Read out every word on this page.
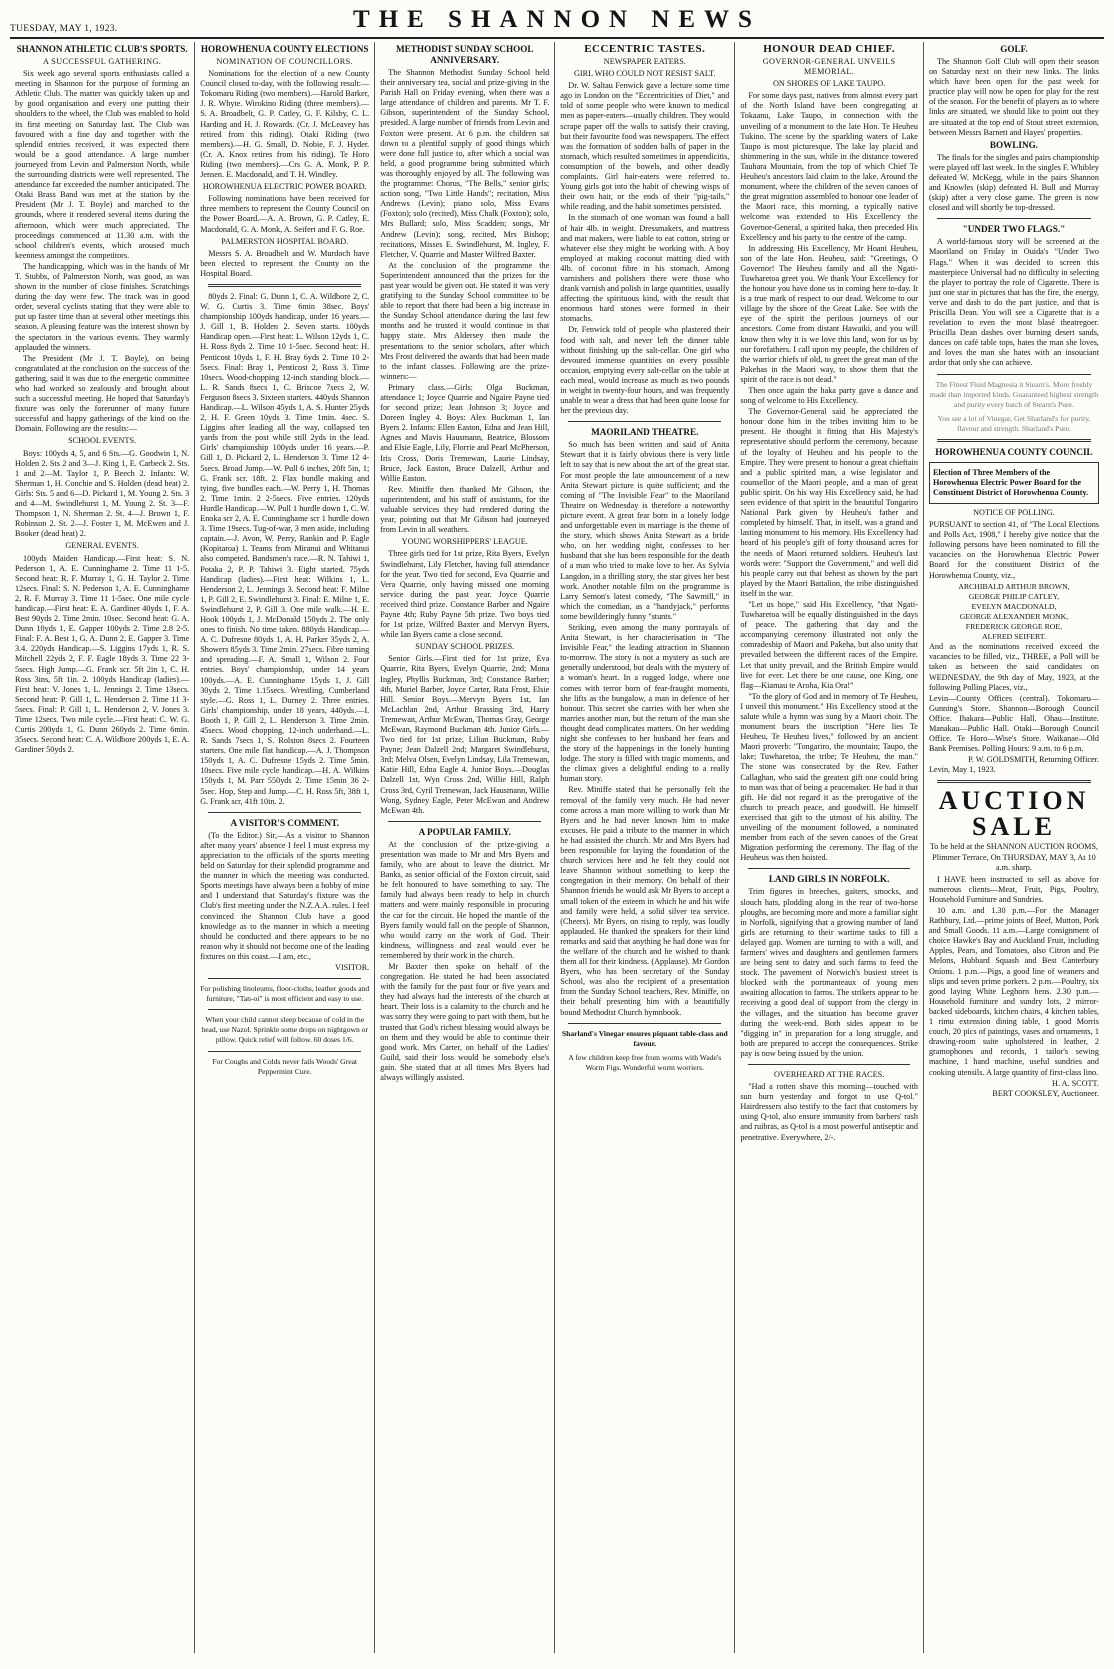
TUESDAY, MAY 1, 1923.	THE SHANNON NEWS
SHANNON ATHLETIC CLUB'S SPORTS.
A SUCCESSFUL GATHERING.

Six week ago several sports enthusiasts called a meeting in Shannon for the purpose of forming an Athletic Club. The matter was quickly taken up and by good organisation and every one putting their shoulders to the wheel, the Club was enabled to hold its first meeting on Saturday last. The Club was favoured with a fine day and together with the splendid entries received, it was expected there would be a good attendance. A large number journeyed from Levin and Palmerston North, while the surrounding districts were well represented. The attendance far exceeded the number anticipated. The Otaki Brass Band was met at the station by the President (Mr J. T. Boyle) and marched to the grounds, where it rendered several items during the afternoon, which were much appreciated. The proceedings commenced at 11.30 a.m. with the school children's events, which aroused much keenness amongst the competitors.

The handicapping, which was in the hands of Mr T. Stubbs, of Palmerston North, was good, as was shown in the number of close finishes. Scratchings during the day were few. The track was in good order, several cyclists stating that they were able to put up faster time than at several other meetings this season. A pleasing feature was the interest shown by the spectators in the various events. They warmly applauded the winners.

The President (Mr J. T. Boyle), on being congratulated at the conclusion on the success of the gathering, said it was due to the energetic committee who had worked so zealously and brought about such a successful meeting. He hoped that Saturday's fixture was only the forerunner of many future successful and happy gatherings of the kind on the Domain. Following are the results:—

SCHOOL EVENTS.

Boys: 100yds 4, 5, and 6 Sts.—G. Goodwin 1, N. Holden 2. Sts 2 and 3—J. King 1, E. Carbeck 2. Sts. 1 and 2—M. Taylor 1, P. Beech 2. Infants: W. Sherman 1, H. Conchie and S. Holden (dead heat) 2. Girls: Sts. 5 and 6—D. Pickard 1, M. Young 2. Sts. 3 and 4—M. Swindlehurst 1, M. Young 2. St. 3—F. Thompson 1, N. Sherman 2. St. 4—J. Brown 1, F. Robinson 2. St. 2—J. Foster 1, M. McEwen and J. Booker (dead heat) 2.

GENERAL EVENTS.

100yds Maiden Handicap.—First heat: S. N. Pederson 1, A. E. Cunninghame 2. Time 11 1-5. Second heat: R. F. Murray 1, G. H. Taylor 2. Time 12secs. Final: S. N. Pederson 1, A. E. Cunninghame 2, R. F. Murray 3. Time 11 1-5sec. One mile cycle handicap.—First heat: E. A. Gardiner 40yds 1, F. A. Best 90yds 2. Time 2min. 10sec. Second heat: G. A. Dunn 10yds 1, E. Gapper 100yds 2. Time 2.8 2-5. Final: F. A. Best 1, G. A. Dunn 2, E. Gapper 3. Time 3.4. 220yds Handicap.—S. Liggins 17yds 1, R. S. Mitchell 22yds 2, F. F. Eagle 18yds 3. Time 22 3-5secs. High Jump.—G. Frank scr. 5ft 2in 1, C. H. Ross 3ins, 5ft 1in. 2. 100yds Handicap (ladies).—First heat: V. Jones 1, L. Jennings 2. Time 13secs. Second heat: P. Gill 1, L. Henderson 2. Time 11 3-5secs. Final: P. Gill 1, L. Henderson 2, V. Jones 3. Time 12secs. Two mile cycle.—First heat: C. W. G. Curtis 200yds 1, G. Dunn 260yds 2. Time 6min. 35secs. Second heat: C. A. Wildbore 200yds 1, E. A. Gardiner 50yds 2.

HOROWHENUA COUNTY ELECTIONS
NOMINATION OF COUNCILLORS.

Nominations for the election of a new County Council closed to-day, with the following result:— Tokomaru Riding (two members).—Harold Barker, J. R. Whyte. Wirokino Riding (three members).—S. A. Broadbelt, G. P. Catley, G. F. Kilsby, C. L. Harding and H. J. Rowards. (Cr. J. McLeavey has retired from this riding). Otaki Riding (two members).—H. G. Small, D. Nobie, F. J. Hyder. (Cr. A. Knox retires from his riding). Te Horo Riding (two members).—Crs G. A. Monk, P. P. Jensen. E. Macdonald, and T. H. Windley.

HOROWHENUA ELECTRIC POWER BOARD.

Following nominations have been received for three members to represent the County Council on the Power Board.—A. A. Brown, G. P. Catley, E. Macdonald, G. A. Monk, A. Seifert and F. G. Roe.

PALMERSTON HOSPITAL BOARD.

Messrs S. A. Broadbelt and W. Murdoch have been elected to represent the County on the Hospital Board.

80yds 2. Final: G. Dunn 1, C. A. Wildbore 2, C. W. G. Curtis 3. Time 6min 38sec. Boys' championship 100yds handicap, under 16 years.—J. Gill 1, B. Holden 2. Seven starts. 100yds Handicap open.—First heat: L. Wilson 12yds 1, C. H. Ross 8yds 2. Time 10 1-5sec. Second heat: H. Penticost 10yds 1, F. H. Bray 6yds 2. Time 10 2-5secs. Final: Bray 1, Penticost 2, Ross 3. Time 10secs. Wood-chopping 12-inch standing block.—L. R. Sands 8secs 1, C. Briscoe 7secs 2, W. Ferguson 8secs 3. Sixteen starters. 440yds Shannon Handicap.—L. Wilson 45yds 1, A. S. Hunter 25yds 2, H. F. Green 10yds 3. Time 1min. 4sec. S. Liggins after leading all the way, collapsed ten yards from the post while still 2yds in the lead. Girls' championship 100yds under 16 years.—P. Gill 1, D. Pickard 2, L. Henderson 3. Time 12 4-5secs. Broad Jump.—W. Pull 6 inches, 20ft 5in, 1; G. Frank scr. 18ft. 2. Flax bundle making and tying, five bundles each.—W. Perry 1, H. Thomas 2. Time 1min. 2 2-5secs. Five entries. 120yds Hurdle Handicap.—W. Pull 1 hurdle down 1, C. W. Enoka scr 2, A. E. Cunninghame scr 1 hurdle down 3. Time 19secs. Tug-of-war, 3 men aside, including captain.—J. Avon, W. Perry, Rankin and P. Eagle (Kopitaroa) 1. Teams from Miranui and Whitanui also competed. Bandsmen's race.—R. N. Tahiwi 1, Potaka 2, P. P. Tahiwi 3. Eight started. 75yds Handicap (ladies).—First heat: Wilkins 1, L. Henderson 2, L. Jennings 3. Second heat: F. Milne 1, P. Gill 2, E. Swindlehurst 3. Final: E. Milne 1, E. Swindlehurst 2, P. Gill 3. One mile walk.—H. E. Hook 100yds 1, J. McDonald 150yds 2. The only ones to finish. No time taken. 880yds Handicap.—A. C. Dufresne 80yds 1, A. H. Parker 35yds 2, A. Showers 85yds 3. Time 2min. 27secs. Fibre turning and spreading.—F. A. Small 1, Wilson 2. Four entries. Boys' championship, under 14 years 100yds.—A. E. Cunninghame 15yds 1, J. Gill 30yds 2. Time 1.15secs. Wrestling, Cumberland style.—G. Ross 1, L. Durney 2. Three entries. Girls' championship, under 18 years, 440yds.—I. Booth 1, P. Gill 2, L. Henderson 3. Time 2min. 45secs. Wood chopping, 12-inch underhand.—L. R. Sands 7secs 1, S. Rolston 8secs 2. Fourteen starters. One mile flat handicap.—A. J. Thompson 150yds 1, A. C. Dufresne 15yds 2. Time 5min. 10secs. Five mile cycle handicap.—H. A. Wilkins 150yds 1, M. Parr 550yds 2. Time 15min 36 2-5sec. Hop, Step and Jump.—C. H. Ross 5ft, 38ft 1, G. Frank scr, 41ft 10in. 2.

A VISITOR'S COMMENT.

(To the Editor.) Sir,—As a visitor to Shannon after many years' absence I feel I must express my appreciation to the officials of the sports meeting held on Saturday for their splendid programme and the manner in which the meeting was conducted. Sports meetings have always been a hobby of mine and I understand that Saturday's fixture was the Club's first meeting under the N.Z.A.A. rules. I feel convinced the Shannon Club have a good knowledge as to the manner in which a meeting should be conducted and there appears to be no reason why it should not become one of the leading fixtures on this coast.—I am, etc.,

VISITOR.
For polishing linoleums, floor-cloths, leather goods and furniture, "Tan-oi" is most efficient and easy to use.
When your child cannot sleep because of cold in the head, use Nazol. Sprinkle some drops on nightgown or pillow. Quick relief will follow. 60 doses 1/6.
For Coughs and Colds never fails Woods' Great Peppermint Cure.
METHODIST SUNDAY SCHOOL ANNIVERSARY.

The Shannon Methodist Sunday School held their anniversary tea, social and prize-giving in the Parish Hall on Friday evening, when there was a large attendance of children and parents. Mr T. F. Gibson, superintendent of the Sunday School, presided. A large number of friends from Levin and Foxton were present. At 6 p.m. the children sat down to a plentiful supply of good things which were done full justice to, after which a social was held, a good programme being submitted which was thoroughly enjoyed by all. The following was the programme: Chorus, "The Bells," senior girls; action song, "Two Little Hands"; recitation, Miss Andrews (Levin); piano solo, Miss Evans (Foxton); solo (recited), Miss Chalk (Foxton); solo, Mrs Bullard; solo, Miss Scadden; songs, Mr Andrew (Levin); song, recited, Mrs Bishop; recitations, Misses E. Swindlehurst, M. Ingley, F. Fletcher, V. Quarrie and Master Wilfred Baxter.

At the conclusion of the programme the Superintendent announced that the prizes for the past year would be given out. He stated it was very gratifying to the Sunday School committee to be able to report that there had been a big increase in the Sunday School attendance during the last few months and he trusted it would continue in that happy state. Mrs Aldersey then made the presentations to the senior scholars, after which Mrs Frost delivered the awards that had been made to the infant classes. Following are the prize-winners:—

Primary class.—Girls: Olga Buckman, attendance 1; Joyce Quarrie and Ngaire Payne tied for second prize; Jean Johnson 3; Joyce and Doreen Ingley 4. Boys: Alex Buckman 1, Ian Byers 2. Infants: Ellen Easton, Edna and Jean Hill, Agnes and Mavis Hausmann, Beatrice, Blossom and Elsie Eagle, Lily, Florrie and Pearl McPherson, Iris Cross, Doris Tremewan, Laurie Lindsay, Bruce, Jack Easton, Bruce Dalzell, Arthur and Willie Easton.

Rev. Miniffe then thanked Mr Gibson, the superintendent, and his staff of assistants, for the valuable services they had rendered during the year, pointing out that Mr Gibson had journeyed from Levin in all weathers.

YOUNG WORSHIPPERS' LEAGUE.

Three girls tied for 1st prize, Rita Byers, Evelyn Swindlehurst, Lily Fletcher, having full attendance for the year. Two tied for second, Eva Quarrie and Vera Quarrie, only having missed one morning service during the past year. Joyce Quarrie received third prize. Constance Barber and Ngaire Payne 4th; Ruby Payne 5th prize. Two boys tied for 1st prize, Wilfred Baxter and Mervyn Byers, while Ian Byers came a close second.

SUNDAY SCHOOL PRIZES.

Senior Girls.—First tied for 1st prize, Eva Quarrie, Rita Byers, Evelyn Quarrie, 2nd; Mona Ingley, Phyllis Buckman, 3rd; Constance Barber; 4th, Muriel Barber, Joyce Carter, Rata Frost, Elsie Hill. Senior Boys.—Mervyn Byers 1st, Ian McLachlan 2nd, Arthur Brassing 3rd, Harry Tremewan, Arthur McEwan, Thomas Gray, George McEwan, Raymond Buckman 4th. Junior Girls.—Two tied for 1st prize, Lilian Buckman, Ruby Payne; Jean Dalzell 2nd; Margaret Swindlehurst, 3rd; Melva Olsen, Evelyn Lindsay, Lila Tremewan, Katie Hill, Edna Eagle 4. Junior Boys.—Douglas Dalzell 1st, Wyn Cross 2nd, Willie Hill, Ralph Cross 3rd, Cyril Tremewan, Jack Hausmann, Willie Wong, Sydney Eagle, Peter McEwan and Andrew McEwan 4th.

A POPULAR FAMILY.

At the conclusion of the prize-giving a presentation was made to Mr and Mrs Byers and family, who are about to leave the district. Mr Banks, as senior official of the Foxton circuit, said he felt honoured to have something to say. The family had always been ready to help in church matters and were mainly responsible in procuring the car for the circuit. He hoped the mantle of the Byers family would fall on the people of Shannon, who would carry on the work of God. Their kindness, willingness and zeal would ever be remembered by their work in the church.

Mr Baxter then spoke on behalf of the congregation. He stated he had been associated with the family for the past four or five years and they had always had the interests of the church at heart. Their loss is a calamity to the church and he was sorry they were going to part with them, but he trusted that God's richest blessing would always be on them and they would be able to continue their good work. Mrs Carter, on behalf of the Ladies' Guild, said their loss would be somebody else's gain. She stated that at all times Mrs Byers had always willingly assisted.

ECCENTRIC TASTES.
NEWSPAPER EATERS.
GIRL WHO COULD NOT RESIST SALT.

Dr. W. Saltau Fenwick gave a lecture some time ago in London on the "Eccentricities of Diet," and told of some people who were known to medical men as paper-eaters—usually children. They would scrape paper off the walls to satisfy their craving, but their favourite food was newspapers. The effect was the formation of sodden balls of paper in the stomach, which resulted sometimes in appendicitis, consumption of the bowels, and other deadly complaints. Girl hair-eaters were referred to. Young girls got into the habit of chewing wisps of their own hair, or the ends of their "pig-tails," while reading, and the habit sometimes persisted.

In the stomach of one woman was found a ball of hair 4lb. in weight. Dressmakers, and mattress and mat makers, were liable to eat cotton, string or whatever else they might be working with. A boy employed at making coconut matting died with 4lb. of coconut fibre in his stomach. Among varnishers and polishers there were those who drank varnish and polish in large quantities, usually affecting the spirituous kind, with the result that enormous hard stones were formed in their stomachs.

Dr. Fenwick told of people who plastered their food with salt, and never left the dinner table without finishing up the salt-cellar. One girl who devoured immense quantities on every possible occasion, emptying every salt-cellar on the table at each meal, would increase as much as two pounds in weight in twenty-four hours, and was frequently unable to wear a dress that had been quite loose for her the previous day.

MAORILAND THEATRE.

So much has been written and said of Anita Stewart that it is fairly obvious there is very little left to say that is new about the art of the great star. For most people the late announcement of a new Anita Stewart picture is quite sufficient; and the coming of "The Invisible Fear" to the Maoriland Theatre on Wednesday is therefore a noteworthy picture event. A great fear born in a lonely lodge and unforgettable even in marriage is the theme of the story, which shows Anita Stewart as a bride who, on her wedding night, confesses to her husband that she has been responsible for the death of a man who tried to make love to her. As Sylvia Langdon, in a thrilling story, the star gives her best work. Another notable film on the programme is Larry Semon's latest comedy, "The Sawmill," in which the comedian, as a "handyjack," performs some bewilderingly funny "stunts."

Striking, even among the many portrayals of Anita Stewart, is her characterisation in "The Invisible Fear," the leading attraction in Shannon to-morrow. The story is not a mystery as such are generally understood, but deals with the mystery of a woman's heart. In a rugged lodge, where one comes with terror born of fear-fraught moments, she lifts as the bungalow, a man in defence of her honour. This secret she carries with her when she marries another man, but the return of the man she thought dead complicates matters. On her wedding night she confesses to her husband her fears and the story of the happenings in the lonely hunting lodge. The story is filled with tragic moments, and the climax gives a delightful ending to a really human story.

Rev. Miniffe stated that he personally felt the removal of the family very much. He had never come across a man more willing to work than Mr Byers and he had never known him to make excuses. He paid a tribute to the manner in which he had assisted the church. Mr and Mrs Byers had been responsible for laying the foundation of the church services here and he felt they could not leave Shannon without something to keep the congregation in their memory. On behalf of their Shannon friends he would ask Mr Byers to accept a small token of the esteem in which he and his wife and family were held, a solid silver tea service. (Cheers). Mr Byers, on rising to reply, was loudly applauded. He thanked the speakers for their kind remarks and said that anything he had done was for the welfare of the church and he wished to thank them all for their kindness. (Applause). Mr Gordon Byers, who has been secretary of the Sunday School, was also the recipient of a presentation from the Sunday School teachers, Rev. Miniffe, on their behalf presenting him with a beautifully bound Methodist Church hymnbook.

Sharland's Vinegar ensures piquant table-class and favour.
A few children keep free from worms with Wade's Worm Figs. Wonderful worm worriers.
HONOUR DEAD CHIEF.
GOVERNOR-GENERAL UNVEILS MEMORIAL.
ON SHORES OF LAKE TAUPO.

For some days past, natives from almost every part of the North Island have been congregating at Tokaanu, Lake Taupo, in connection with the unveiling of a monument to the late Hon. Te Heuheu Tukino. The scene by the sparkling waters of Lake Taupo is most picturesque. The lake lay placid and shimmering in the sun, while in the distance towered Tauhara Mountain, from the top of which Chief Te Heuheu's ancestors laid claim to the lake. Around the monument, where the children of the seven canoes of the great migration assembled to honour one leader of the Maori race, this morning, a typically native welcome was extended to His Excellency the Governor-General, a spirited haka, then preceded His Excellency and his party to the centre of the camp.

In addressing His Excellency, Mr Hoani Heuheu, son of the late Hon. Heuheu, said: "Greetings, O Governor! The Heuheu family and all the Ngati-Tuwharetoa greet you. We thank Your Excellency for the honour you have done us in coming here to-day. It is a true mark of respect to our dead. Welcome to our village by the shore of the Great Lake. See with the eye of the spirit the perilous journeys of our ancestors. Come from distant Hawaiki, and you will know then why it is we love this land, won for us by our forefathers. I call upon my people, the children of the warrior chiefs of old, to greet the great man of the Pakehas in the Maori way, to show them that the spirit of the race is not dead."

Then once again the haka party gave a dance and song of welcome to His Excellency.

The Governor-General said he appreciated the honour done him in the tribes inviting him to be present. He thought it fitting that His Majesty's representative should perform the ceremony, because of the loyalty of Heuheu and his people to the Empire. They were present to honour a great chieftain and a public spirited man, a wise legislator and counsellor of the Maori people, and a man of great public spirit. On his way His Excellency said, he had seen evidence of that spirit in the beautiful Tongariro National Park given by Heuheu's father and completed by himself. That, in itself, was a grand and lasting monument to his memory. His Excellency had heard of his people's gift of forty thousand acres for the needs of Maori returned soldiers. Heuheu's last words were: "Support the Government," and well did his people carry out that behest as shown by the part played by the Maori Battalion, the tribe distinguished itself in the war.

"Let us hope," said His Excellency, "that Ngati-Tuwharetoa will be equally distinguished in the days of peace. The gathering that day and the accompanying ceremony illustrated not only the comradeship of Maori and Pakeha, but also unity that prevailed between the different races of the Empire. Let that unity prevail, and the British Empire would live for ever. Let there be one cause, one King, one flag—Kiamau te Aroha, Kia Ora!"

"To the glory of God and in memory of Te Heuheu, I unveil this monument." His Excellency stood at the salute while a hymn was sung by a Maori choir. The monument bears the inscription "Here lies Te Heuheu, Te Heuheu lives," followed by an ancient Maori proverb: "Tongariro, the mountain; Taupo, the lake; Tuwharetoa, the tribe; Te Heuheu, the man." The stone was consecrated by the Rev. Father Callaghan, who said the greatest gift one could bring to man was that of being a peacemaker. He had it that gift. He did not regard it as the prerogative of the church to preach peace, and goodwill. He himself exercised that gift to the utmost of his ability. The unveiling of the monument followed, a nominated member from each of the seven canoes of the Great Migration performing the ceremony. The flag of the Heuheus was then hoisted.

LAND GIRLS IN NORFOLK.

Trim figures in breeches, gaiters, smocks, and slouch hats, plodding along in the rear of two-horse ploughs, are becoming more and more a familiar sight in Norfolk, signifying that a growing number of land girls are returning to their wartime tasks to fill a delayed gap. Women are turning to with a will, and farmers' wives and daughters and gentlemen farmers are being sent to dairy and such farms to feed the stock. The pavement of Norwich's busiest street is blocked with the portmanteaux of young men awaiting allocation to farms. The strikers appear to be receiving a good deal of support from the clergy in the villages, and the situation has become graver during the week-end. Both sides appear to be "digging in" in preparation for a long struggle, and both are prepared to accept the consequences. Strike pay is now being issued by the union.

OVERHEARD AT THE RACES.

"Had a rotten shave this morning—touched with sun burn yesterday and forgot to use Q-tol." Hairdressers also testify to the fact that customers by using Q-tol, also ensure immunity from barbers' rash and ruibras, as Q-tol is a most powerful antiseptic and penetrative. Everywhere, 2/-.

GOLF.

The Shannon Golf Club will open their season on Saturday next on their new links. The links which have been open for the past week for practice play will now be open for play for the rest of the season. For the benefit of players as to where links are situated, we should like to point out they are situated at the top end of Stout street extension, between Messrs Barnett and Hayes' properties.

BOWLING.

The finals for the singles and pairs championship were played off last week. In the singles F. Whibley defeated W. McKegg, while in the pairs Shannon and Knowles (skip) defeated H. Bull and Murray (skip) after a very close game. The green is now closed and will shortly be top-dressed.

"UNDER TWO FLAGS."

A world-famous story will be screened at the Maoriland on Friday in Ouida's "Under Two Flags." When it was decided to screen this masterpiece Universal had no difficulty in selecting the player to portray the role of Cigarette. There is just one star in pictures that has the fire, the energy, verve and dash to do the part justice, and that is Priscilla Dean. You will see a Cigarette that is a revelation to even the most blasé theatregoer. Priscilla Dean dashes over burning desert sands, dances on café table tops, hates the man she loves, and loves the man she hates with an insouciant ardor that only she can achieve.

The Finest Fluid Magnesia it Stearn's. More freshly made than imported kinds. Guaranteed highest strength and purity every batch of Stearn's Pure.
You see a lot of Vinegar, Get Sharland's for purity, flavour and strength. Sharland's Pure.
HOROWHENUA COUNTY COUNCIL
Election of Three Members of the Horowhenua Electric Power Board for the Constituent District of Horowhenua County.
NOTICE OF POLLING.

PURSUANT to section 41, of "The Local Elections and Polls Act, 1908," I hereby give notice that the following persons have been nominated to fill the vacancies on the Horowhenua Electric Power Board for the constituent District of the Horowhenua County, viz.,

ARCHIBALD ARTHUR BROWN,
GEORGE PHILIP CATLEY,
EVELYN MACDONALD,
GEORGE ALEXANDER MONK,
FREDERICK GEORGE ROE,
ALFRED SEIFERT.

And as the nominations received exceed the vacancies to be filled, viz., THREE, a Poll will be taken as between the said candidates on WEDNESDAY, the 9th day of May, 1923, at the following Polling Places, viz.,

Levin—County Offices (central). Tokomaru—Gunning's Store. Shannon—Borough Council Office. Ihakara—Public Hall. Ohau—Institute. Manakau—Public Hall. Otaki—Borough Council Office. Te Horo—Wise's Store. Waikanae—Old Bank Premises. Polling Hours: 9 a.m. to 6 p.m.

P. W. GOLDSMITH, Returning Officer.
Levin, May 1, 1923.
AUCTION
SALE
To be held at the SHANNON AUCTION ROOMS, Plimmer Terrace, On THURSDAY, MAY 3, At 10 a.m. sharp.

I HAVE been instructed to sell as above for numerous clients—Meat, Fruit, Pigs, Poultry, Household Furniture and Sundries.

10 a.m. and 1.30 p.m.—For the Manager Rathbury, Ltd.—prime joints of Beef, Mutton, Pork and Small Goods. 11 a.m.—Large consignment of choice Hawke's Bay and Auckland Fruit, including Apples, Pears, and Tomatoes, also Citron and Pie Melons, Hubbard Squash and Best Canterbury Onions. 1 p.m.—Pigs, a good line of weaners and slips and seven prime porkers. 2 p.m.—Poultry, six good laying White Leghorn hens. 2.30 p.m.—Household furniture and sundry lots, 2 mirror-backed sideboards, kitchen chairs, 4 kitchen tables, 1 rimu extension dining table, 1 good Morris couch, 20 pics of paintings, vases and ornaments, 1 drawing-room suite upholstered in leather, 2 gramophones and records, 1 tailor's sewing machine, 1 hand machine, useful sundries and cooking utensils. A large quantity of first-class lino.

H. A. SCOTT.
BERT COOKSLEY, Auctioneer.
